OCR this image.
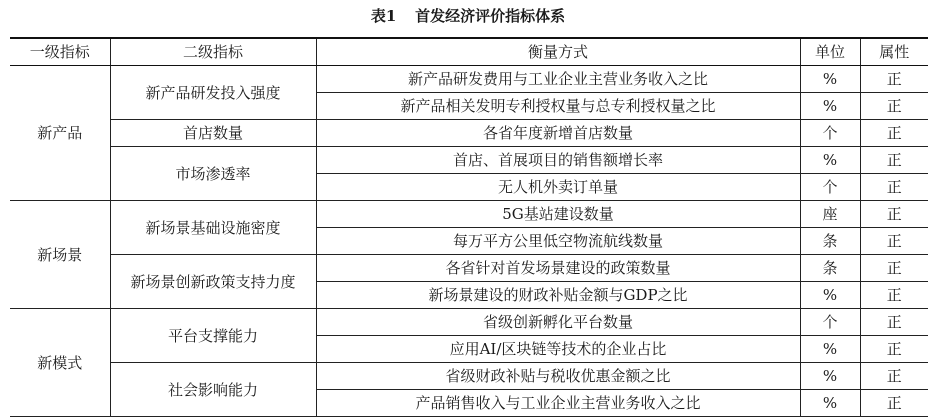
表1 首发经济评价指标体系
一级指标	二级指标	衡量方式	单位	属性
新产品	新产品研发投入强度	新产品研发费用与工业企业主营业务收入之比	%	正
		新产品相关发明专利授权量与总专利授权量之比	%	正
	首店数量	各省年度新增首店数量	个	正
	市场渗透率	首店、首展项目的销售额增长率	%	正
		无人机外卖订单量	个	正
新场景	新场景基础设施密度	5G基站建设数量	座	正
		每万平方公里低空物流航线数量	条	正
	新场景创新政策支持力度	各省针对首发场景建设的政策数量	条	正
		新场景建设的财政补贴金额与GDP之比	%	正
新模式	平台支撑能力	省级创新孵化平台数量	个	正
		应用AI/区块链等技术的企业占比	%	正
	社会影响能力	省级财政补贴与税收优惠金额之比	%	正
		产品销售收入与工业企业主营业务收入之比	%	正
